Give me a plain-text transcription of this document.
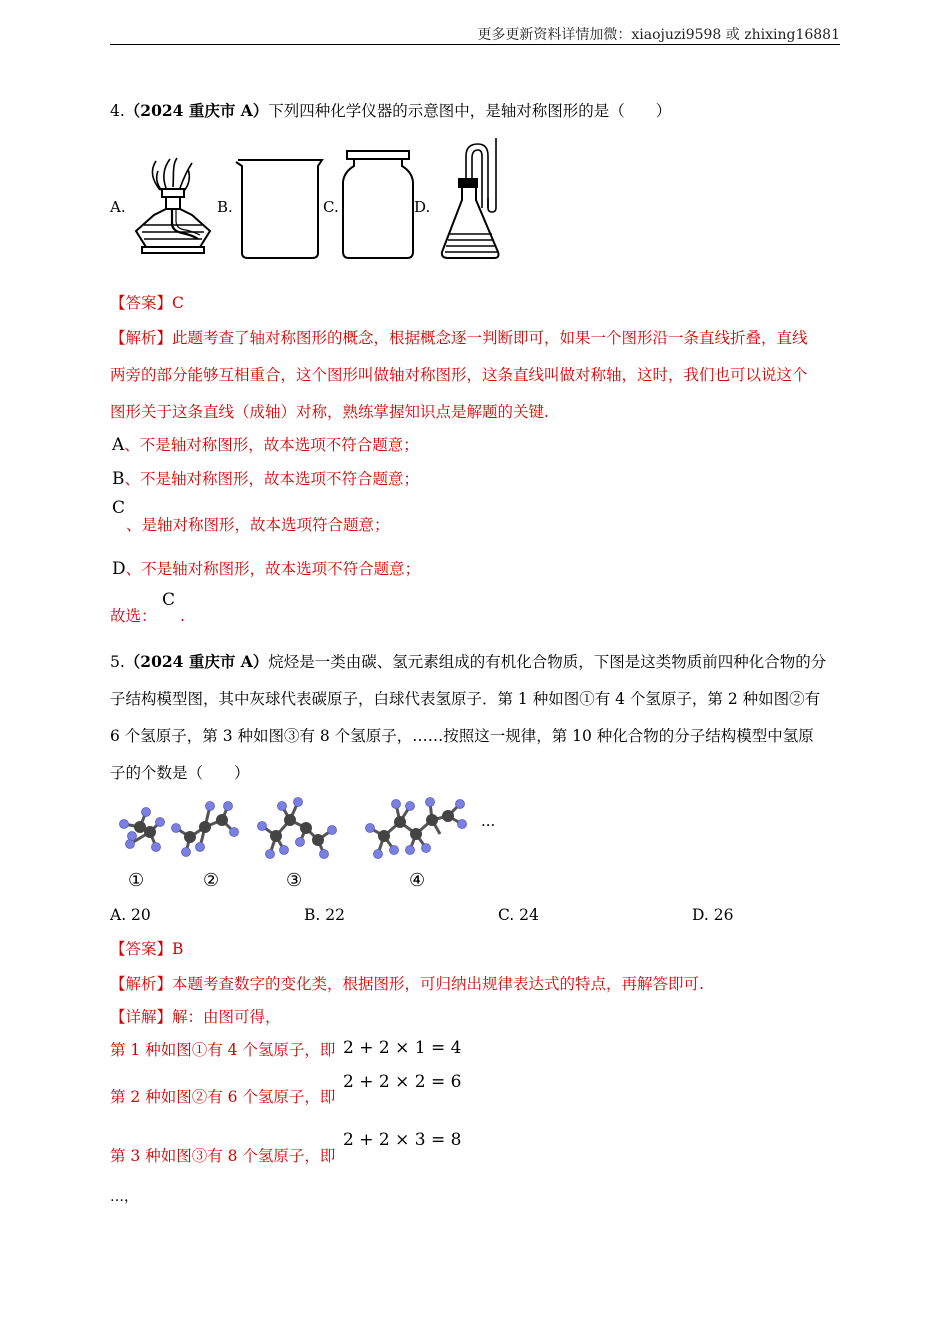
更多更新资料详情加微：xiaojuzi9598 或 zhixing16881
4.（2024 重庆市 A）下列四种化学仪器的示意图中，是轴对称图形的是（　　）
A.	B.	C.	D.
【答案】C
【解析】此题考查了轴对称图形的概念，根据概念逐一判断即可，如果一个图形沿一条直线折叠，直线
两旁的部分能够互相重合，这个图形叫做轴对称图形，这条直线叫做对称轴，这时，我们也可以说这个
图形关于这条直线（成轴）对称，熟练掌握知识点是解题的关键.
A、不是轴对称图形，故本选项不符合题意；
B、不是轴对称图形，故本选项不符合题意；
C
、是轴对称图形，故本选项符合题意；
D、不是轴对称图形，故本选项不符合题意；
故选：
C
.
5.（2024 重庆市 A）烷烃是一类由碳、氢元素组成的有机化合物质，下图是这类物质前四种化合物的分
子结构模型图，其中灰球代表碳原子，白球代表氢原子．第 1 种如图①有 4 个氢原子，第 2 种如图②有
6 个氢原子，第 3 种如图③有 8 个氢原子，……按照这一规律，第 10 种化合物的分子结构模型中氢原
子的个数是（　　）
···
①	②	③	④
A. 20	B. 22	C. 24	D. 26
【答案】B
【解析】本题考查数字的变化类，根据图形，可归纳出规律表达式的特点，再解答即可.
【详解】解：由图可得，
第 1 种如图①有 4 个氢原子，即 2 + 2 × 1 = 4
第 2 种如图②有 6 个氢原子，即
2 + 2 × 2 = 6
第 3 种如图③有 8 个氢原子，即
2 + 2 × 3 = 8
…，
